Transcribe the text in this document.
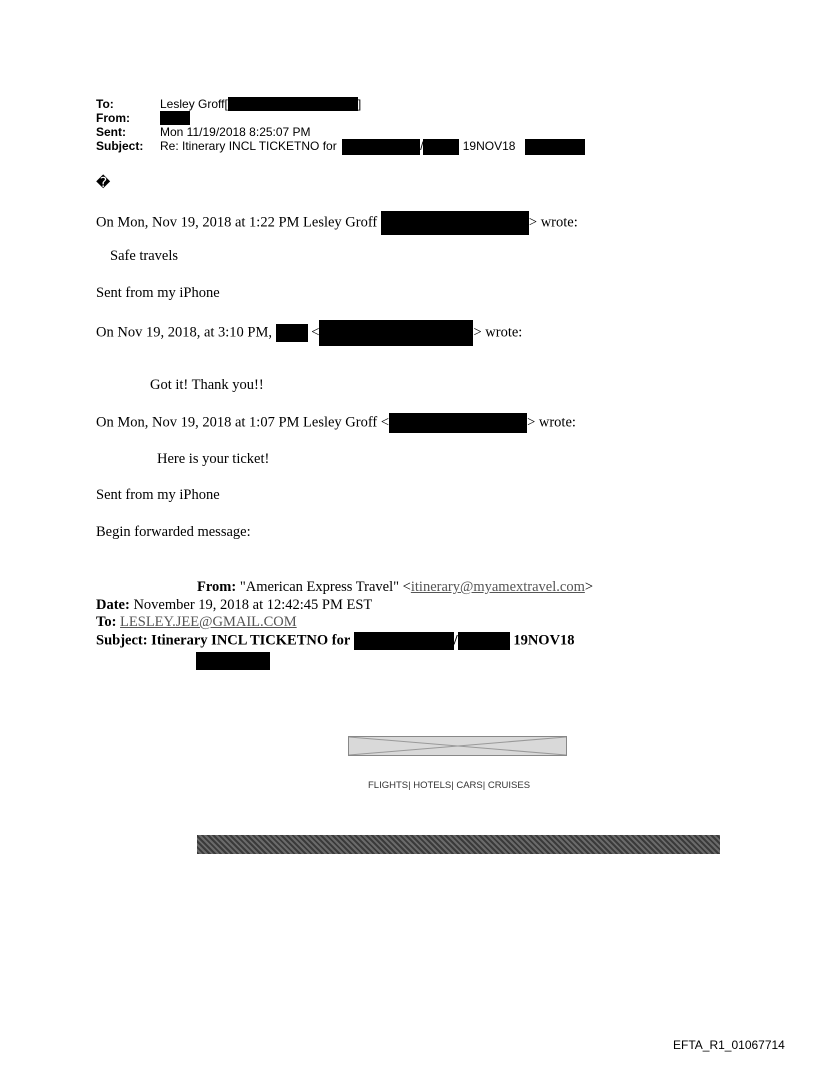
To:	Lesley Groff[	]
From:
Sent:	Mon 11/19/2018 8:25:07 PM
Subject: Re: Itinerary INCL TICKETNO for	/	19NOV18
�
On Mon, Nov 19, 2018 at 1:22 PM Lesley Groff	> wrote:
Safe travels
Sent from my iPhone
On Nov 19, 2018, at 3:10 PM,	<	> wrote:
Got it! Thank you!!
On Mon, Nov 19, 2018 at 1:07 PM Lesley Groff <	> wrote:
Here is your ticket!
Sent from my iPhone
Begin forwarded message:
From: "American Express Travel" <itinerary@myamextravel.com>
Date: November 19, 2018 at 12:42:45 PM EST
To: LESLEY.JEE@GMAIL.COM
Subject: Itinerary INCL TICKETNO for	/	19NOV18
FLIGHTS| HOTELS| CARS| CRUISES
EFTA_R1_01067714
